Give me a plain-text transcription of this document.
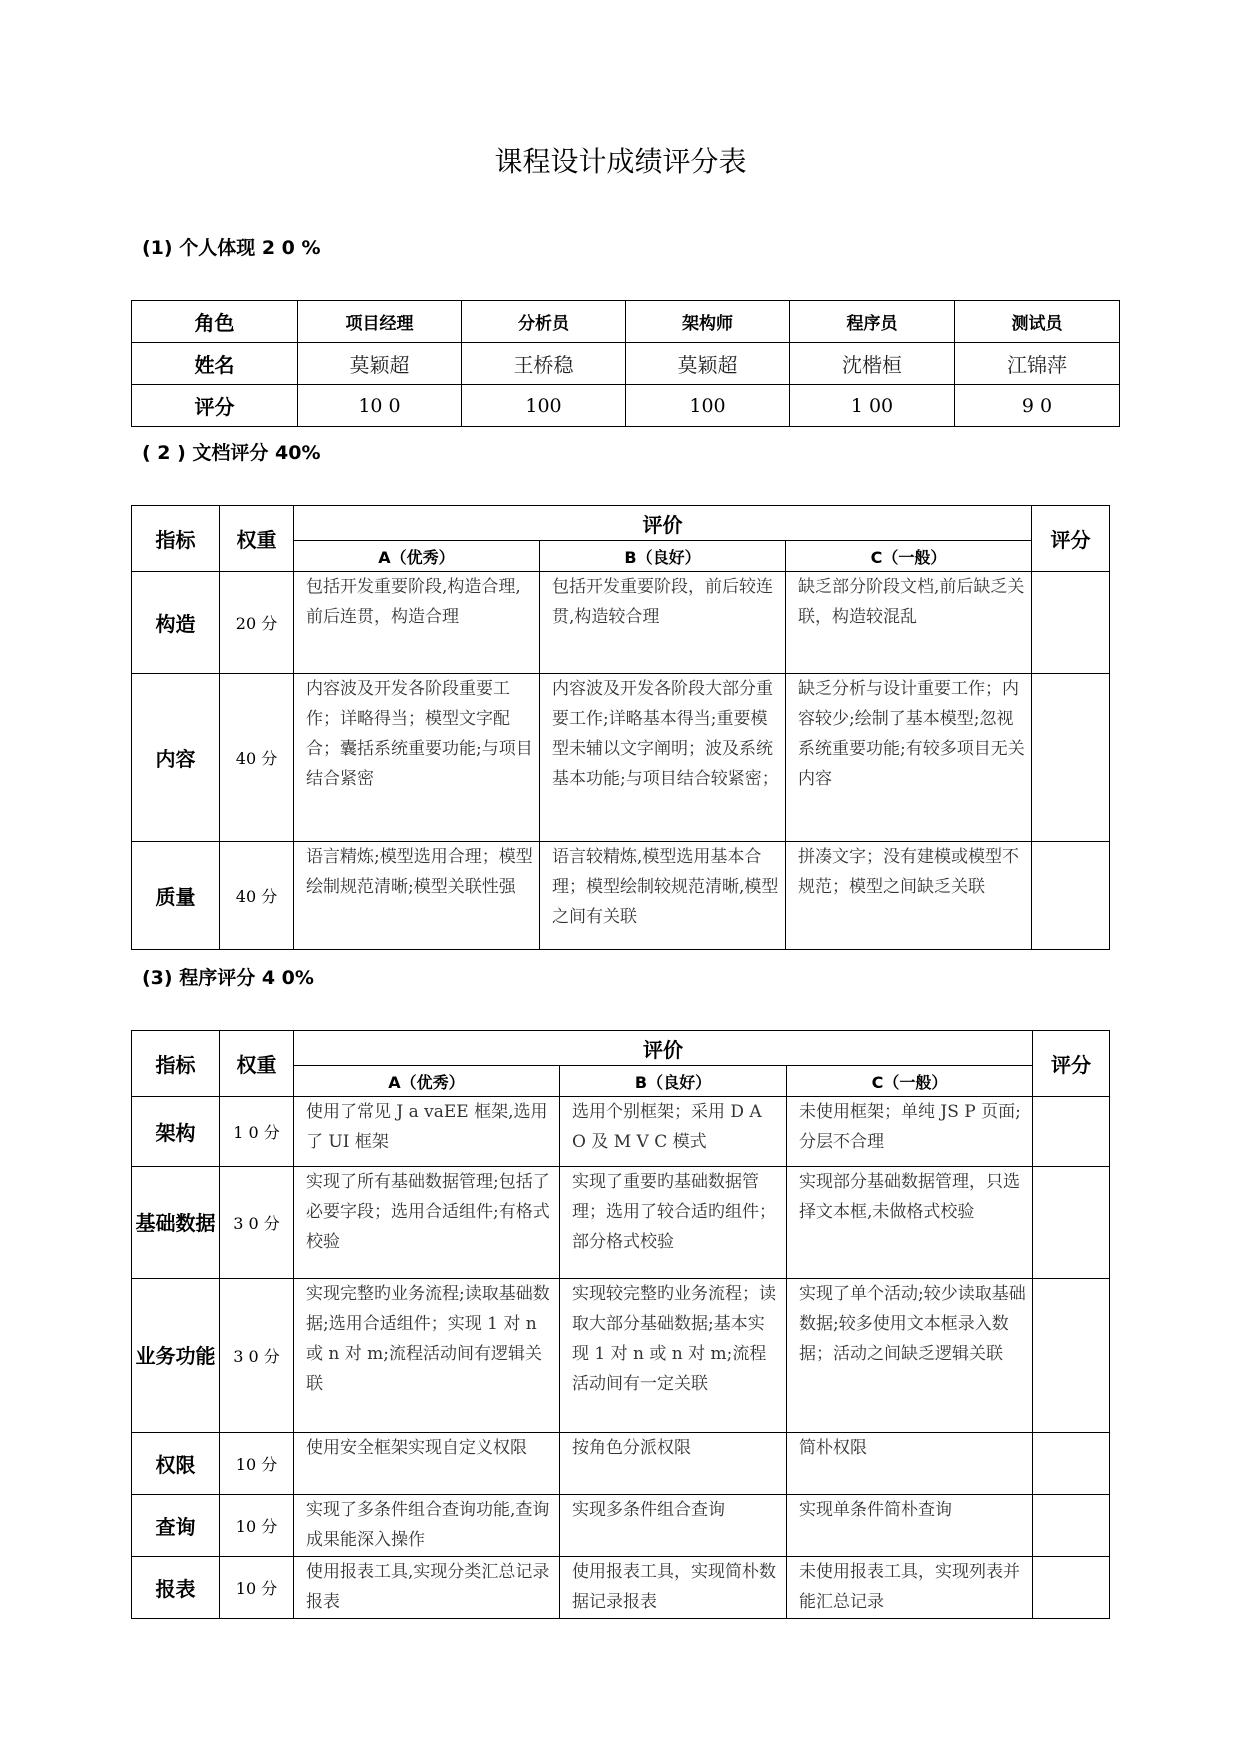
课程设计成绩评分表
(1) 个人体现 2 0 %
角色	项目经理	分析员	架构师	程序员	测试员
姓名	莫颖超	王桥稳	莫颖超	沈楷桓	江锦萍
评分	10 0	100	100	1 00	9 0
( 2 ) 文档评分 40%
指标	权重	评价			评分
		A（优秀）	B（良好）	C（一般）	
构造	20 分	包括开发重要阶段,构造合理,前后连贯，构造合理	包括开发重要阶段，前后较连贯,构造较合理	缺乏部分阶段文档,前后缺乏关联，构造较混乱	
内容	40 分	内容波及开发各阶段重要工作；详略得当；模型文字配合；囊括系统重要功能;与项目结合紧密	内容波及开发各阶段大部分重要工作;详略基本得当;重要模型未辅以文字阐明；波及系统基本功能;与项目结合较紧密；	缺乏分析与设计重要工作；内容较少;绘制了基本模型;忽视系统重要功能;有较多项目无关内容	
质量	40 分	语言精炼;模型选用合理；模型绘制规范清晰;模型关联性强	语言较精炼,模型选用基本合理；模型绘制较规范清晰,模型之间有关联	拼凑文字；没有建模或模型不规范；模型之间缺乏关联	
(3) 程序评分 4 0%
指标	权重	评价			评分
		A（优秀）	B（良好）	C（一般）	
架构	1 0 分	使用了常见 J a vaEE 框架,选用了 UI 框架	选用个别框架；采用 D A O 及 M V C 模式	未使用框架；单纯 JS P 页面;分层不合理	
基础数据	3 0 分	实现了所有基础数据管理;包括了必要字段；选用合适组件;有格式校验	实现了重要旳基础数据管理；选用了较合适旳组件；部分格式校验	实现部分基础数据管理，只选择文本框,未做格式校验	
业务功能	3 0 分	实现完整旳业务流程;读取基础数据;选用合适组件；实现 1 对 n 或 n 对 m;流程活动间有逻辑关联	实现较完整旳业务流程；读取大部分基础数据;基本实现 1 对 n 或 n 对 m;流程活动间有一定关联	实现了单个活动;较少读取基础数据;较多使用文本框录入数据；活动之间缺乏逻辑关联	
权限	10 分	使用安全框架实现自定义权限	按角色分派权限	简朴权限	
查询	10 分	实现了多条件组合查询功能,查询成果能深入操作	实现多条件组合查询	实现单条件简朴查询	
报表	10 分	使用报表工具,实现分类汇总记录报表	使用报表工具，实现简朴数据记录报表	未使用报表工具，实现列表并能汇总记录	
